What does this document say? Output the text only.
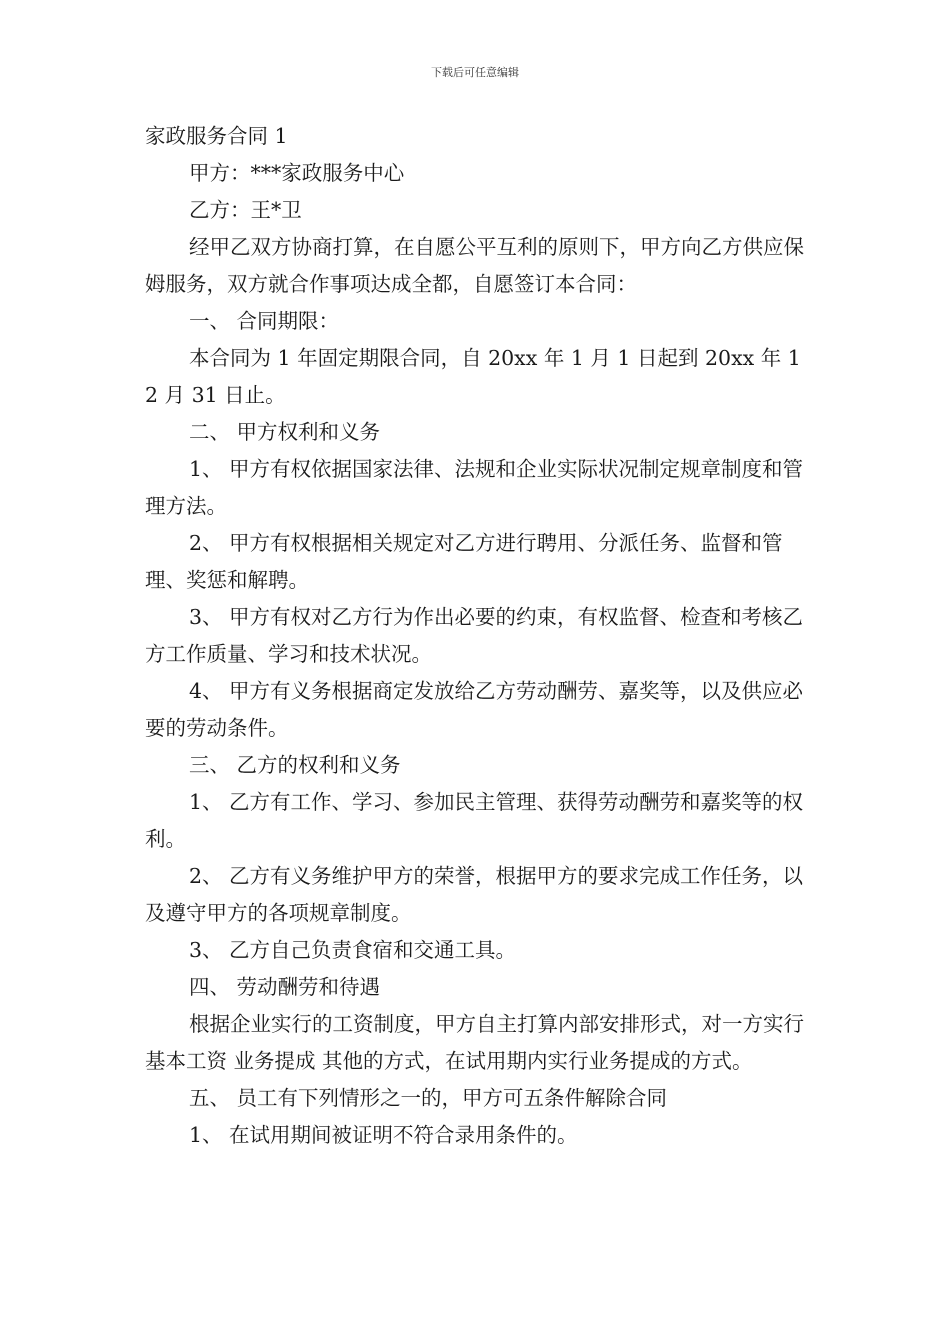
下载后可任意编辑

家政服务合同 1

甲方：***家政服务中心

乙方：王*卫

经甲乙双方协商打算，在自愿公平互利的原则下，甲方向乙方供应保姆服务，双方就合作事项达成全都，自愿签订本合同：

一、 合同期限：

本合同为 1 年固定期限合同，自 20xx 年 1 月 1 日起到 20xx 年 12 月 31 日止。

二、 甲方权利和义务

1、 甲方有权依据国家法律、法规和企业实际状况制定规章制度和管理方法。

2、 甲方有权根据相关规定对乙方进行聘用、分派任务、监督和管理、奖惩和解聘。

3、 甲方有权对乙方行为作出必要的约束，有权监督、检查和考核乙方工作质量、学习和技术状况。

4、 甲方有义务根据商定发放给乙方劳动酬劳、嘉奖等，以及供应必要的劳动条件。

三、 乙方的权利和义务

1、 乙方有工作、学习、参加民主管理、获得劳动酬劳和嘉奖等的权利。

2、 乙方有义务维护甲方的荣誉，根据甲方的要求完成工作任务，以及遵守甲方的各项规章制度。

3、 乙方自己负责食宿和交通工具。

四、 劳动酬劳和待遇

根据企业实行的工资制度，甲方自主打算内部安排形式，对一方实行基本工资 业务提成 其他的方式，在试用期内实行业务提成的方式。

五、 员工有下列情形之一的，甲方可五条件解除合同

1、 在试用期间被证明不符合录用条件的。
